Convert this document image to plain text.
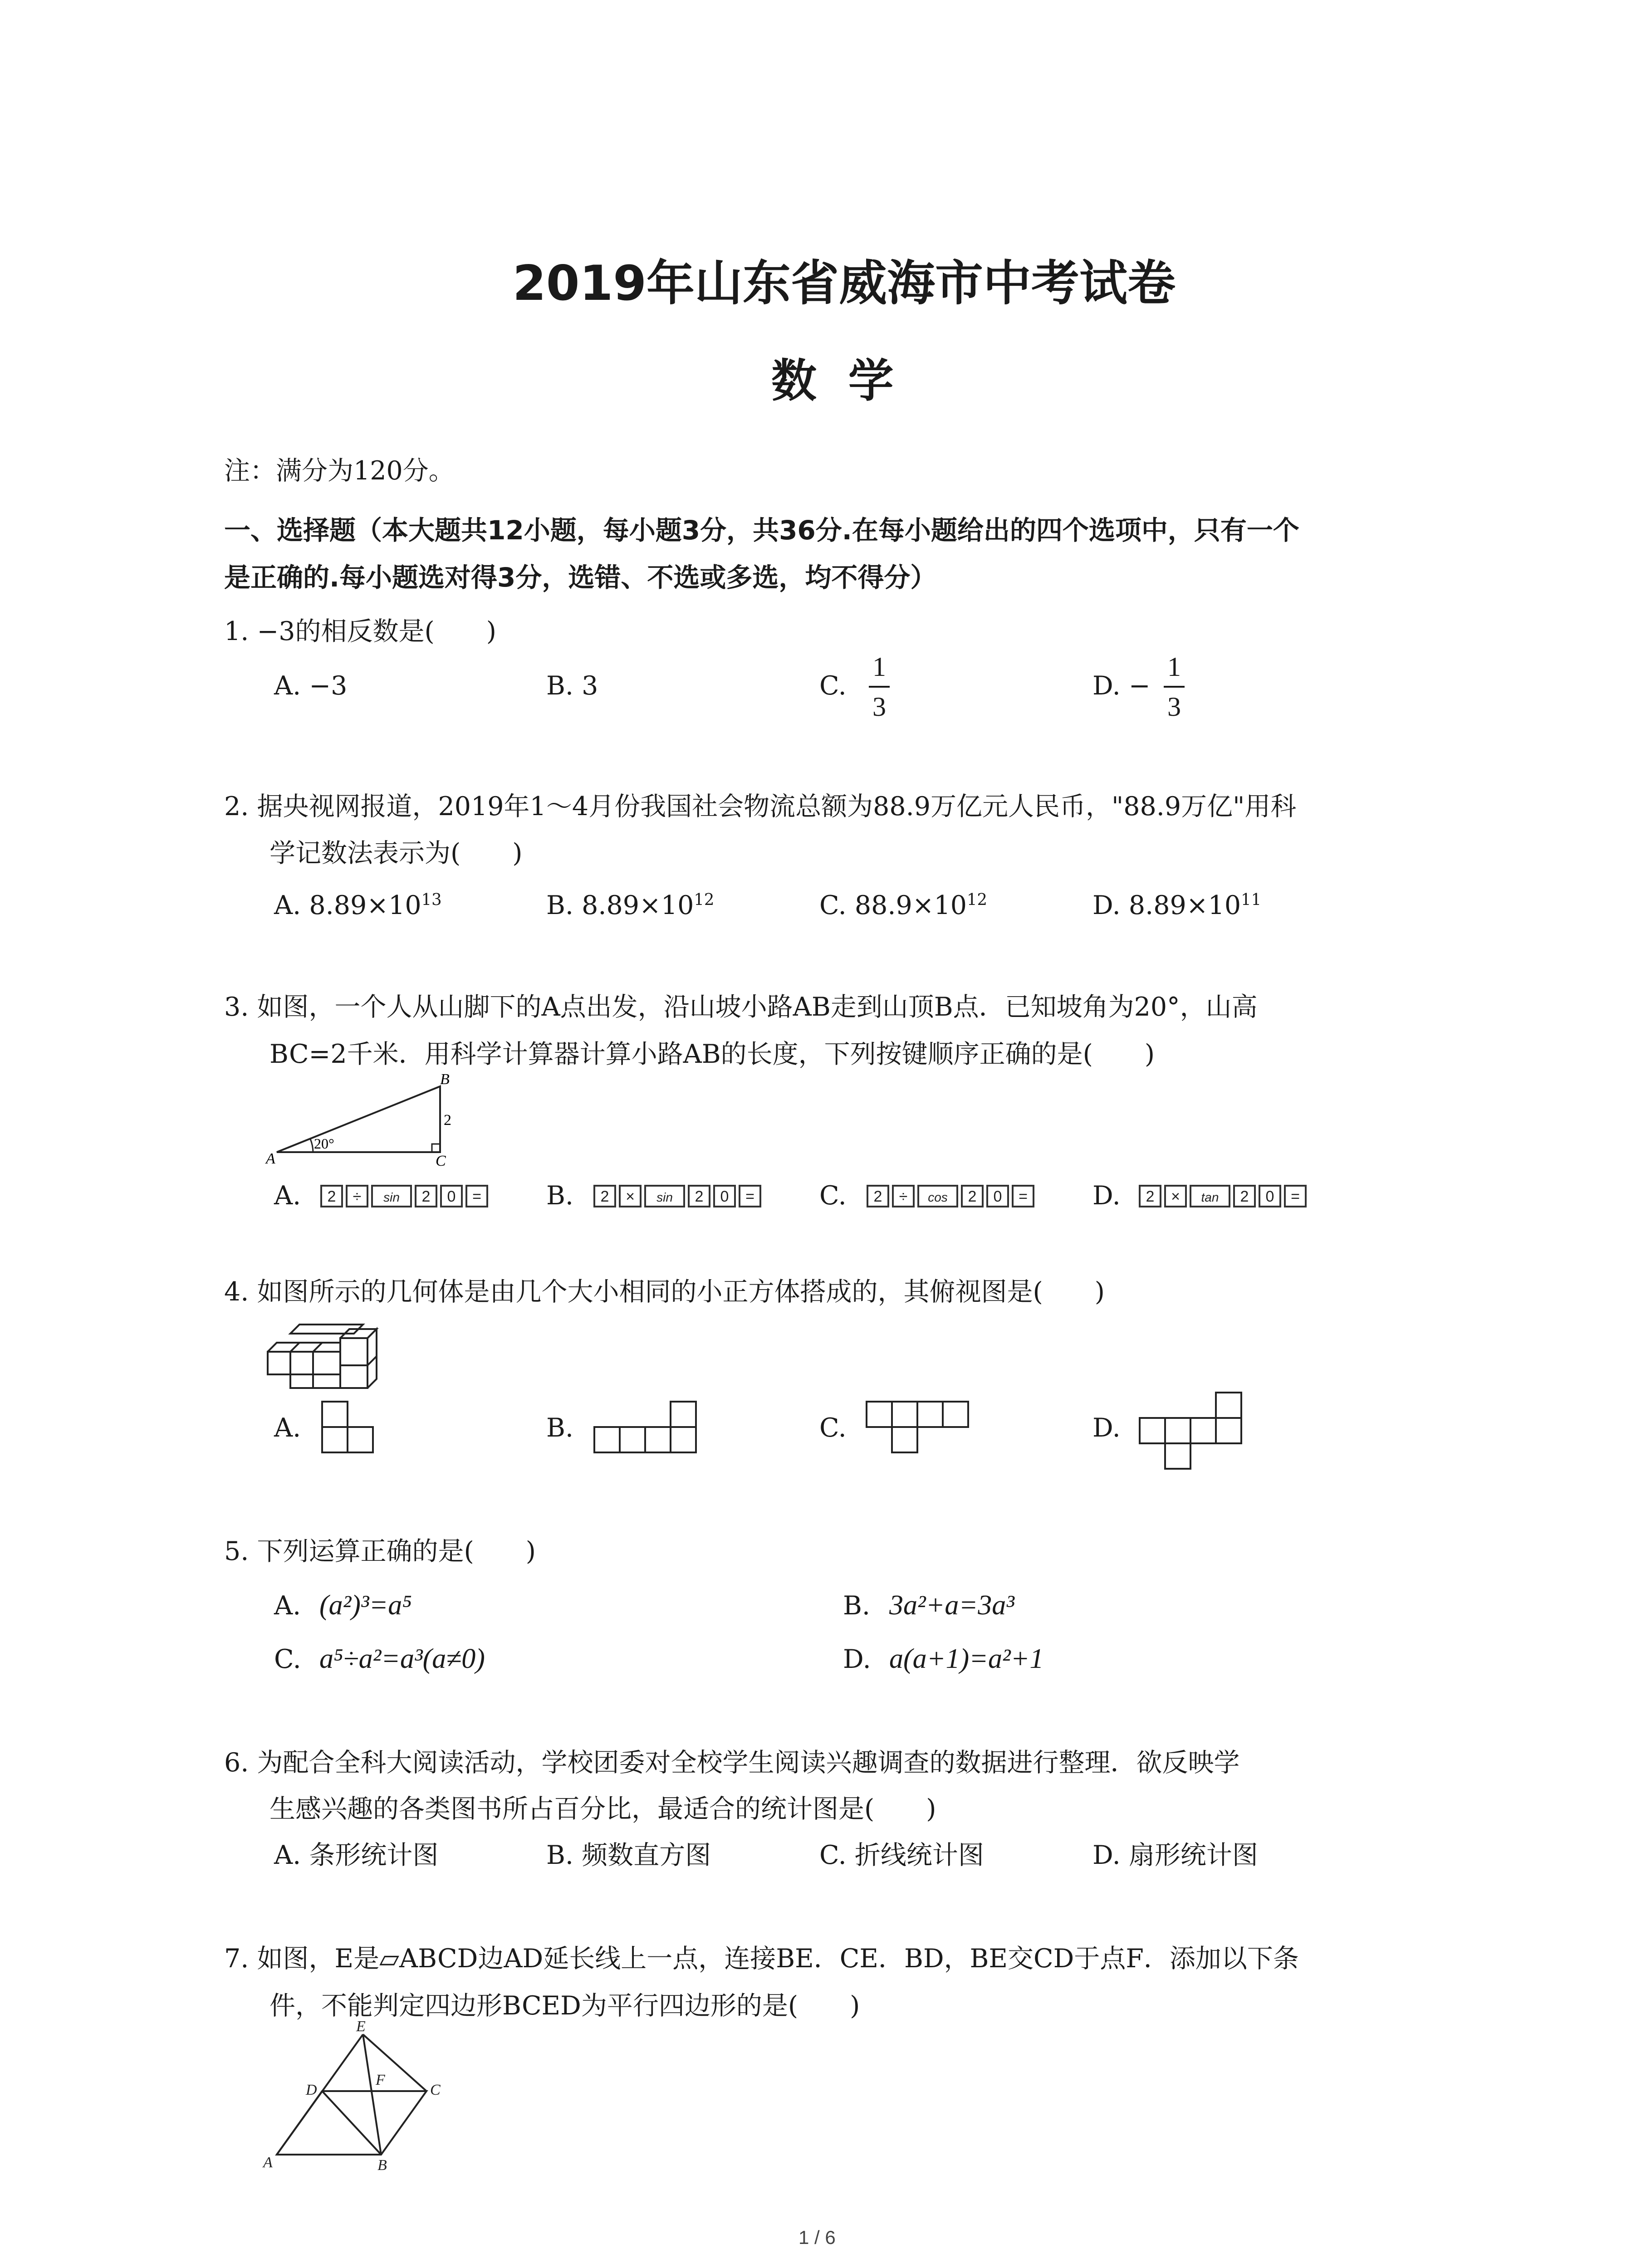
2019年山东省威海市中考试卷
数  学
注：满分为120分。
一、选择题（本大题共12小题，每小题3分，共36分.在每小题给出的四个选项中，只有一个
是正确的.每小题选对得3分，选错、不选或多选，均不得分）
1. −3的相反数是(　　)
A. −3	B. 3	C.
1
3
D. −
1
3
2. 据央视网报道，2019年1～4月份我国社会物流总额为88.9万亿元人民币，"88.9万亿"用科
学记数法表示为(　　)
A. $8.89\times 10^{13}$	B. $8.89\times 10^{12}$	C. $88.9\times 10^{12}$	D. $8.89\times 10^{11}$
3. 如图，一个人从山脚下的A点出发，沿山坡小路AB走到山顶B点．已知坡角为20°，山高
BC=2千米．用科学计算器计算小路AB的长度，下列按键顺序正确的是(　　)
A
B
C
2
20°
A. 2 ÷ sin 2 0 =	B. 2 × sin 2 0 =	C. 2 ÷ cos 2 0 =	D. 2 × tan 2 0 =
4. 如图所示的几何体是由几个大小相同的小正方体搭成的，其俯视图是(　　)
A.	B.	C.	D.
5. 下列运算正确的是(　　)
A. (a²)³=a⁵	B. 3a²+a=3a³
C. a⁵÷a²=a³(a≠0)	D. a(a+1)=a²+1
6. 为配合全科大阅读活动，学校团委对全校学生阅读兴趣调查的数据进行整理．欲反映学
生感兴趣的各类图书所占百分比，最适合的统计图是(　　)
A. 条形统计图	B. 频数直方图	C. 折线统计图	D. 扇形统计图
7. 如图，E是▱ABCD边AD延长线上一点，连接BE．CE．BD，BE交CD于点F．添加以下条
件，不能判定四边形BCED为平行四边形的是(　　)
A	B
C
D
E
F
1 / 6
